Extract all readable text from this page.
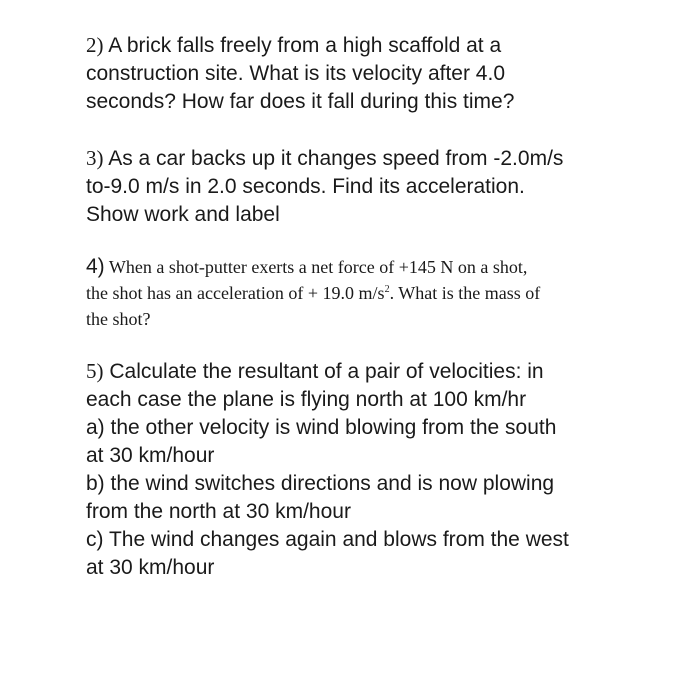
2) A brick falls freely from a high scaffold at a
construction site. What is its velocity after 4.0
seconds? How far does it fall during this time?
3) As a car backs up it changes speed from -2.0m/s
to-9.0 m/s in 2.0 seconds. Find its acceleration.
Show work and label
4) When a shot-putter exerts a net force of +145 N on a shot,
the shot has an acceleration of + 19.0 $m/s^2$. What is the mass of
the shot?
5) Calculate the resultant of a pair of velocities: in
each case the plane is flying north at 100 km/hr
a) the other velocity is wind blowing from the south
at 30 km/hour
b) the wind switches directions and is now plowing
from the north at 30 km/hour
c) The wind changes again and blows from the west
at 30 km/hour
